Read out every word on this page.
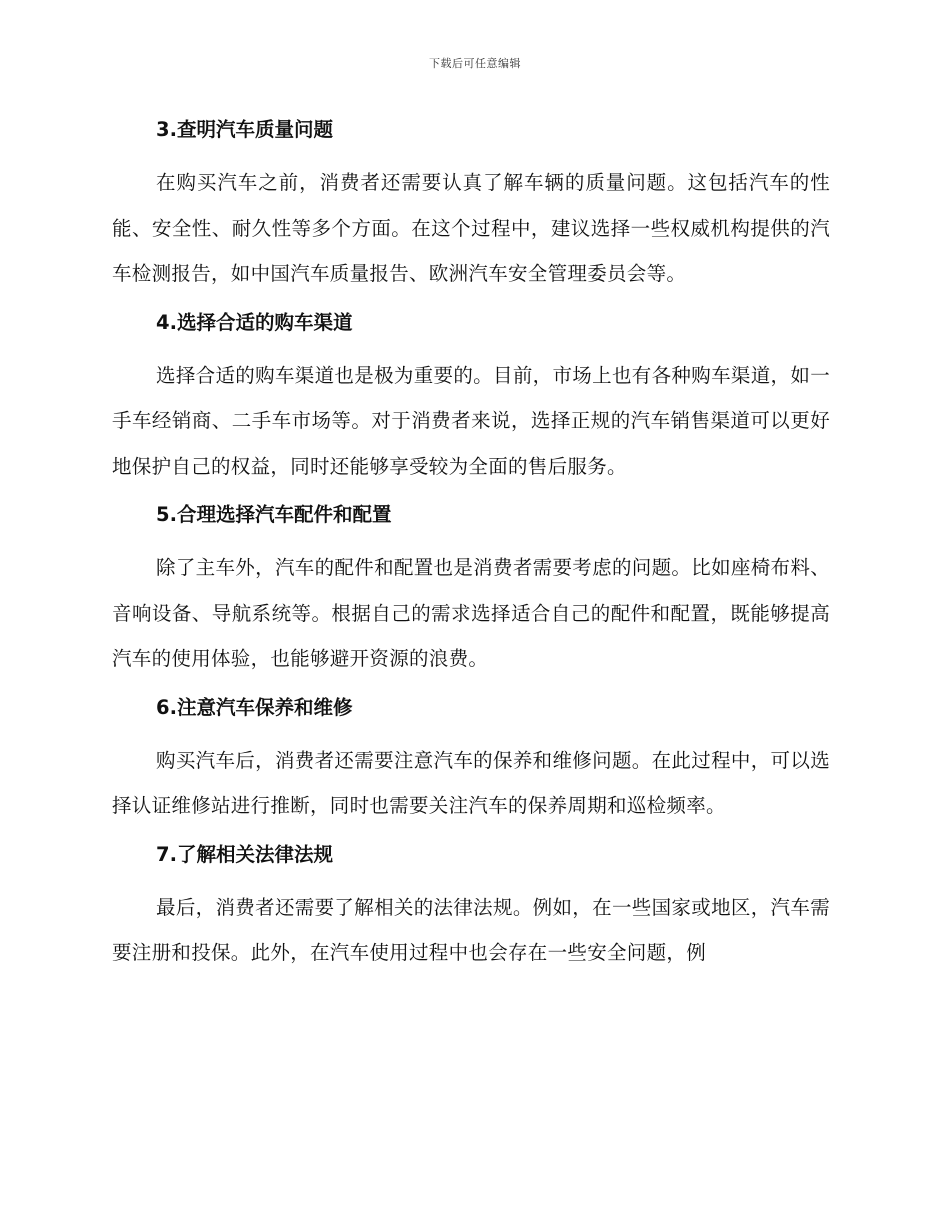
下载后可任意编辑
3.查明汽车质量问题

在购买汽车之前，消费者还需要认真了解车辆的质量问题。这包括汽车的性能、安全性、耐久性等多个方面。在这个过程中，建议选择一些权威机构提供的汽车检测报告，如中国汽车质量报告、欧洲汽车安全管理委员会等。

4.选择合适的购车渠道

选择合适的购车渠道也是极为重要的。目前，市场上也有各种购车渠道，如一手车经销商、二手车市场等。对于消费者来说，选择正规的汽车销售渠道可以更好地保护自己的权益，同时还能够享受较为全面的售后服务。

5.合理选择汽车配件和配置

除了主车外，汽车的配件和配置也是消费者需要考虑的问题。比如座椅布料、音响设备、导航系统等。根据自己的需求选择适合自己的配件和配置，既能够提高汽车的使用体验，也能够避开资源的浪费。

6.注意汽车保养和维修

购买汽车后，消费者还需要注意汽车的保养和维修问题。在此过程中，可以选择认证维修站进行推断，同时也需要关注汽车的保养周期和巡检频率。

7.了解相关法律法规

最后，消费者还需要了解相关的法律法规。例如，在一些国家或地区，汽车需要注册和投保。此外，在汽车使用过程中也会存在一些安全问题，例
